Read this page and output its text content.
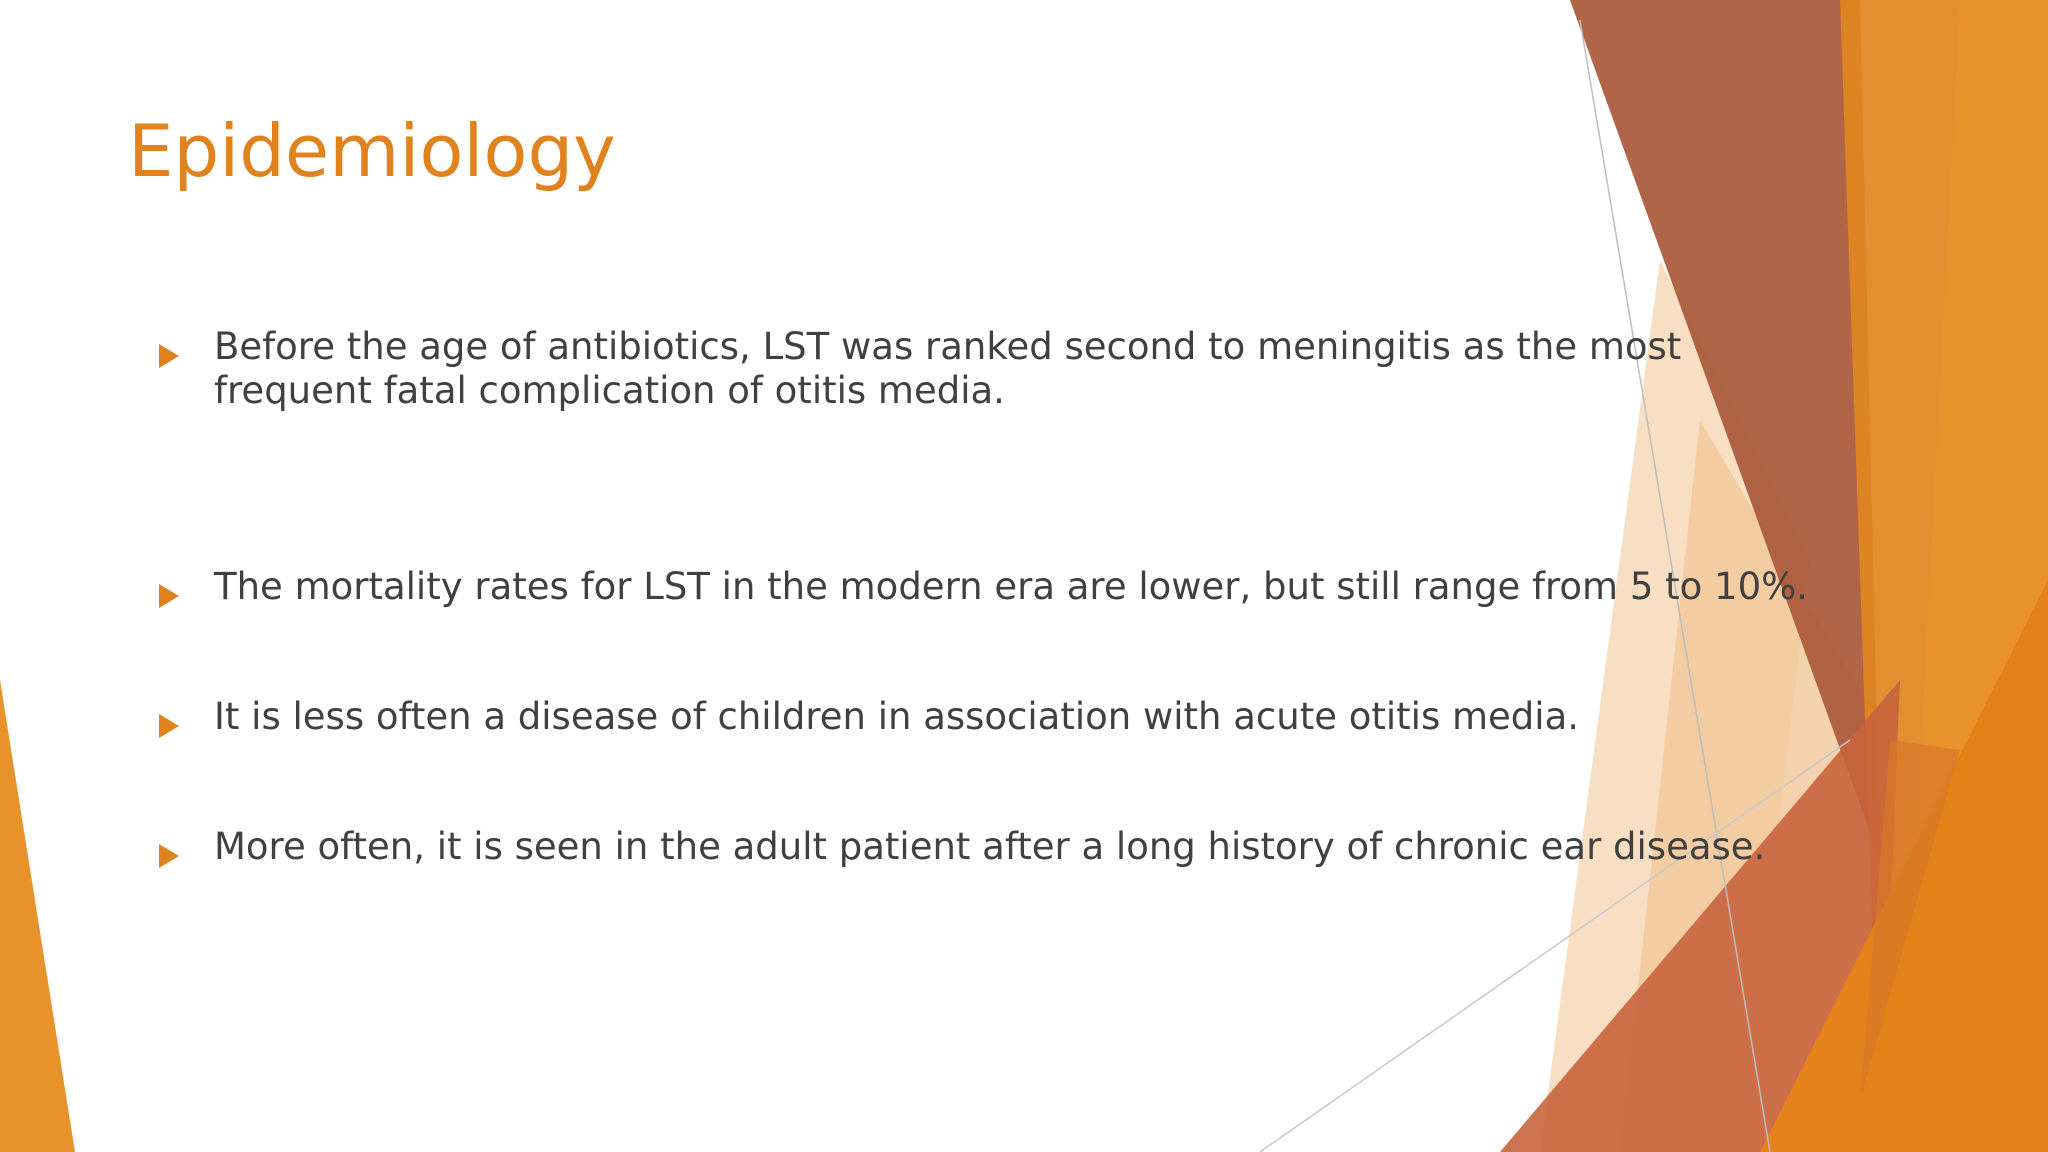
Epidemiology
Before the age of antibiotics, LST was ranked second to meningitis as the most frequent fatal complication of otitis media.
The mortality rates for LST in the modern era are lower, but still range from 5 to 10%.
It is less often a disease of children in association with acute otitis media.
More often, it is seen in the adult patient after a long history of chronic ear disease.
